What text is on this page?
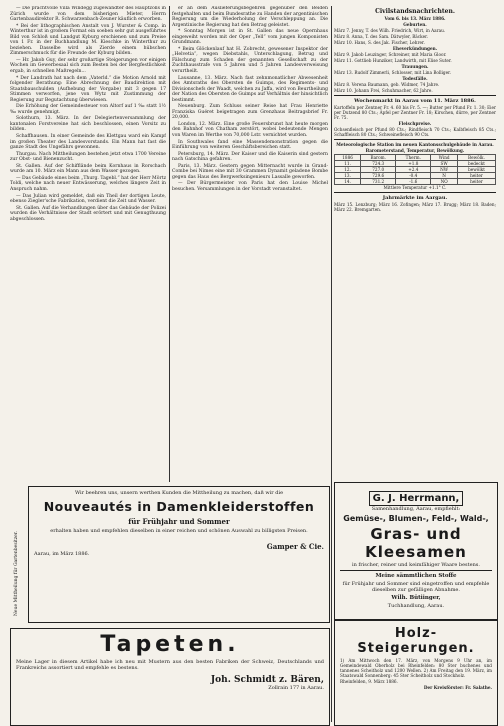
— Die prachtvolle Villa Windegg zugewandter des Hauptzolls in Zürich wurde von dem bisherigen Mieter, Herrn Gartenbaudirektor R. Schwarzenbach-Zeuner käuflich erworben.

* Bei der lithographischen Anstalt von J. Wurster & Comp. in Winterthur ist in großem Format ein soeben sehr gut ausgeführtes Bild von Schloß und Landgut Kyburg erschienen und zum Preise von 1 Fr. in der Buchhandlung M. Kieschke in Winterthur zu beziehen. Dasselbe wird als Zierde einem hübschen Zimmerschmuck für die Freunde der Kyburg bilden.

— Hr. Jakob Guy, der sehr großartige Steigerungen vor einigen Wochen im Gewerbesaal sich zum Besten bei der Bergfestlichkeit ergab, in schnellen Maßregeln...

* Der Landrath hat nach dem „Vaterld.“ die Motion Arnold mit folgender Berathung: Eine Abrechnung der Baudirektion mit Staatsbauschulden (Aufhebung der Vorgabe) mit 3 gegen 17 Stimmen verworfen, jene von Wytz mit Zustimmung der Regierung zur Begutachtung überwiesen.

Die Erhöhung der Gemeindesteuer von Altorf auf 1 ‰ statt 1½ ‰ wurde genehmigt.

Solothurn, 13. März. In der Delegiertenversammlung der kantonalen Forstvereine hat sich beschlossen, einen Vorsitz zu bilden.

Schaffhausen. In einer Gemeinde des Klettgau ward ein Kampf im großen Theater des Landesvorstands. Ein Mann hat fast die ganze Stadt des Ungefährs gewonnen.

Thurgau. Nach Mittheilungen bestehen jetzt etwa 1700 Vereine zur Obst- und Bienenzucht.

St. Gallen. Auf der Schifflände beim Kornhaus in Rorschach wurde am 10. März ein Mann aus dem Wasser gezogen.

— Das Gebäude eines beim „Thurg. Tagebl.“ hat der Herr Mörtz Toldi, welche nach neuer Entwässerung, welches längere Zeit in Anspruch nahm.

— Das Julian wird gemeldet, daß ein Theil der dortigen Leute, ebenso Ziegler'sche Fabrikation, verdient die Zeit und Wasser.

St. Gallen. Auf die Verhandlungen über das Gebäude der Polizei wurden die Verhältnisse der Stadt erörtert und mit Genugthuung abgeschlossen.

er an dem Auslieferungsbegehren gegenüber den Beiden festgehalten und beim Bundesrathe zu Handen der argentinischen Regierung um die Wiederholung der Verschleppung an. Die Argentinische Regierung hat den Betrag geleistet.

* Sonntag Morgen ist in St. Gallen das neue Opernhaus eingeweiht worden mit der Oper „Tell“ vom jungen Komponisten Grundmann.

* Beim Glöckenlauf hat H. Zobrecht, gewesener Inspektor der „Helvetia“, wegen Diebstahls, Unterschlagung, Betrug und Fälschung zum Schaden der genannten Gesellschaft zu der Zuchthausstrafe von 5 Jahren und 5 Jahren Landesverweisung verurtheilt.

Lausanne, 13. März. Nach fast zehnmonatlicher Abwesenheit des Amtsraths des Obersten de Guimps, des Regiments- und Divisionschefs der Waadt, welchen zu Jaffa, wird von Beurtheilung der Nation des Obersten de Guimps auf Verhältnis der hinsichtlich bestimmt.

Neuenburg. Zum Schluss seiner Reise hat Frau Henriette Franziska Guéret beigetragen zum Grenzhaus Beitragsbrief Fr. 20,000.

London, 12. März. Eine große Feuersbrunst hat heute morgen den Bahnhof von Chatham zerstört, wobei bedeutende Mengen von Waren im Werthe von 70,000 Lstr. vernichtet wurden.

In Southwales fand eine Massendemonstration gegen die Einführung von weiteren Geschäftsbereichen statt.

Petersburg, 14. März. Der Kaiser und die Kaiserin sind gestern nach Gatschina gefahren.

Paris, 13. März. Gestern gegen Mitternacht wurde in Grand-Combe bei Nimes eine mit 30 Grammen Dynamit geladene Bombe gegen das Haus des Bergwerksingenieurs Lassalle geworfen.

— Der Bürgermeister von Paris hat den Louise Michel besuchen. Versammlungen in der Vorstadt veranstaltet.

Civilstandsnachrichten.
Vom 6. bis 13. März 1886.
Geburten.

März 7. Jenny, T. des Wilh. Friedrich, Wirt, in Aarau.

März 8. Anna, T. des Sam. Dätwyler, Bäcker.

März 10. Hans, S. des Jak. Fischer, Lehrer.

Eheverkündungen.

März 9. Jakob Leuzinger, Schreiner, mit Maria Gloor.

März 11. Gottlieb Hunziker, Landwirth, mit Elise Suter.

Trauungen.

März 13. Rudolf Zimmerli, Schlosser, mit Lina Bolliger.

Todesfälle.

März 8. Verena Baumann, geb. Widmer, 74 Jahre.

März 10. Johann Frei, Schuhmacher, 62 Jahre.

Wochenmarkt in Aarau vom 11. März 1886.

Kartoffeln per Zentner Fr. 4. 60 bis Fr. 5. —; Butter per Pfund Fr. 1. 30; Eier per Dutzend 80 Cts.; Äpfel per Zentner Fr. 18; Kirschen, dürre, per Zentner Fr. 75.

Fleischpreise.

Ochsenfleisch per Pfund 80 Cts.; Rindfleisch 70 Cts.; Kalbfleisch 85 Cts.; Schaffleisch 80 Cts.; Schweinefleisch 90 Cts.

Meteorologische Station im neuen Kantonsschulgebäude in Aarau.
Barometerstand, Temperatur, Bewölkung.
1886	Barom.	Therm.	Wind	Bewölk.
11.	724.3	+1.8	SW	bedeckt
12.	727.0	+2.4	NW	bewölkt
13.	729.6	-0.4	N	heiter
14.	731.2	-1.6	NO	heiter

Mittlere Temperatur +1.1° C.

Jahrmärkte im Aargau.

März 15. Lenzburg; März 16. Zofingen; März 17. Brugg; März 18. Baden; März 22. Bremgarten.

Wir beehren uns, unsern werthen Kunden die Mittheilung zu machen, daß wir die
Nouveautés in Damenkleiderstoffen
für Frühjahr und Sommer
erhalten haben und empfehlen dieselben in einer reichen und schönen Auswahl zu billigsten Preisen.
Gamper & Cie.
Aarau, im März 1886.
Neue Mittheilung für Gartenbesitzer.
Tapeten.
Meine Lager in diesem Artikel habe ich neu mit Mustern aus den besten Fabriken der Schweiz, Deutschlands und Frankreichs assortiert und empfehle es bestens.
Joh. Schmidt z. Bären,
Zollrain 177 in Aarau.
G. J. Herrmann,
Samenhandlung, Aarau, empfiehlt:
Gemüse-, Blumen-, Feld-, Wald-,
Gras- und Kleesamen
in frischer, reiner und keimfähiger Waare bestens.
Meine sämmtlichen Stoffe
für Frühjahr und Sommer sind eingetroffen und empfehle dieselben zur gefälligen Abnahme.
Wilh. Bütiinger,
Tuchhandlung, Aarau.
Holz-Steigerungen.

1) Am Mittwoch den 17. März, von Morgens 9 Uhr an, im Gemeindewald Oberholz bei Rheinfelden: 80 Ster buchenes und tannenes Scheitholz und 1200 Wellen. 2) Am Freitag den 19. März, im Staatswald Sonnenberg: 45 Ster Scheitholz und Stockholz.

Rheinfelden, 9. März 1886.

Der Kreisförster: Fr. Salathe.
